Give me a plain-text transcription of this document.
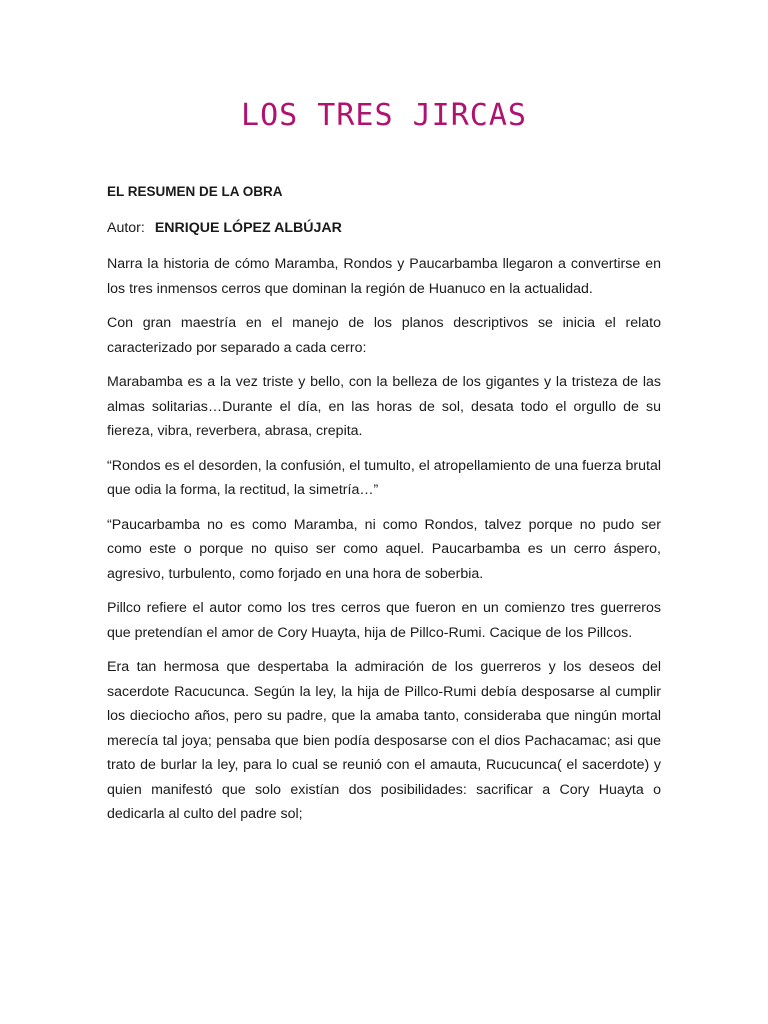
LOS TRES JIRCAS

EL RESUMEN DE LA OBRA

Autor: ENRIQUE LÓPEZ ALBÚJAR

Narra la historia de cómo Maramba, Rondos y Paucarbamba llegaron a convertirse en los tres inmensos cerros que dominan la región de Huanuco en la actualidad.

Con gran maestría en el manejo de los planos descriptivos se inicia el relato caracterizado por separado a cada cerro:

Marabamba es a la vez triste y bello, con la belleza de los gigantes y la tristeza de las almas solitarias…Durante el día, en las horas de sol, desata todo el orgullo de su fiereza, vibra, reverbera, abrasa, crepita.

“Rondos es el desorden, la confusión, el tumulto, el atropellamiento de una fuerza brutal que odia la forma, la rectitud, la simetría…”

“Paucarbamba no es como Maramba, ni como Rondos, talvez porque no pudo ser como este o porque no quiso ser como aquel. Paucarbamba es un cerro áspero, agresivo, turbulento, como forjado en una hora de soberbia.

Pillco refiere el autor como los tres cerros que fueron en un comienzo tres guerreros que pretendían el amor de Cory Huayta, hija de Pillco-Rumi. Cacique de los Pillcos.

Era tan hermosa que despertaba la admiración de los guerreros y los deseos del sacerdote Racucunca. Según la ley, la hija de Pillco-Rumi debía desposarse al cumplir los dieciocho años, pero su padre, que la amaba tanto, consideraba que ningún mortal merecía tal joya; pensaba que bien podía desposarse con el dios Pachacamac; asi que trato de burlar la ley, para lo cual se reunió con el amauta, Rucucunca( el sacerdote) y quien manifestó que solo existían dos posibilidades: sacrificar a Cory Huayta o dedicarla al culto del padre sol;
